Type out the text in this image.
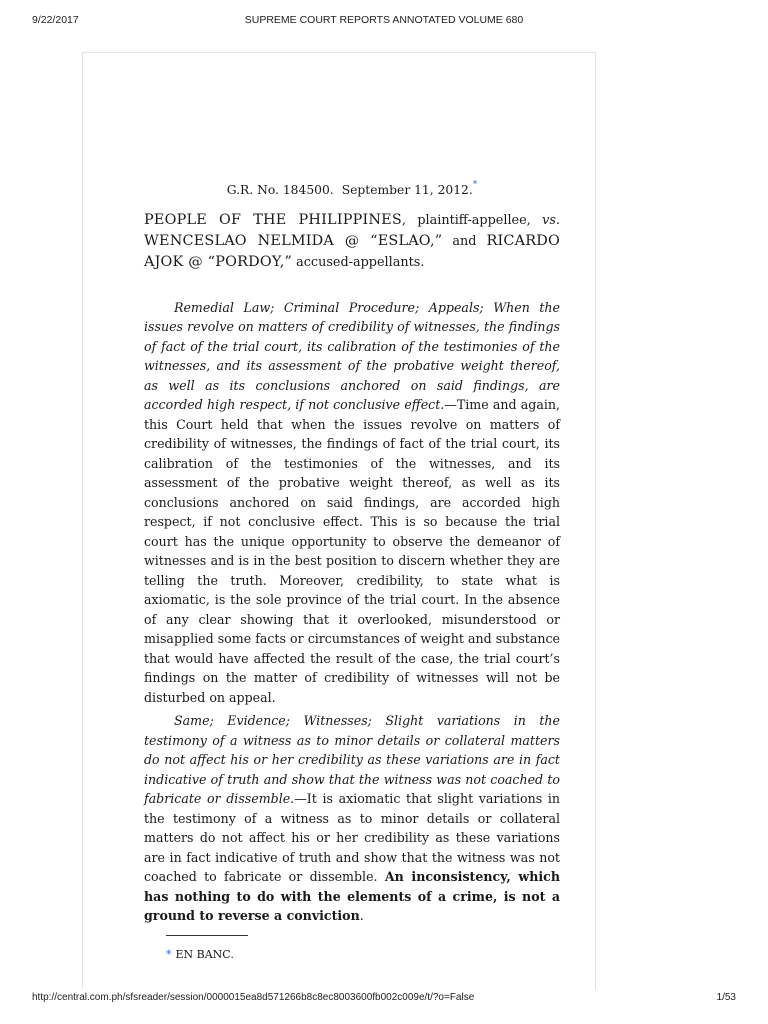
9/22/2017	SUPREME COURT REPORTS ANNOTATED VOLUME 680

G.R. No. 184500. September 11, 2012.*

PEOPLE OF THE PHILIPPINES, plaintiff-appellee, vs. WENCESLAO NELMIDA @ “ESLAO,” and RICARDO AJOK @ “PORDOY,” accused-appellants.

Remedial Law; Criminal Procedure; Appeals; When the issues revolve on matters of credibility of witnesses, the findings of fact of the trial court, its calibration of the testimonies of the witnesses, and its assessment of the probative weight thereof, as well as its conclusions anchored on said findings, are accorded high respect, if not conclusive effect.—Time and again, this Court held that when the issues revolve on matters of credibility of witnesses, the findings of fact of the trial court, its calibration of the testimonies of the witnesses, and its assessment of the probative weight thereof, as well as its conclusions anchored on said findings, are accorded high respect, if not conclusive effect. This is so because the trial court has the unique opportunity to observe the demeanor of witnesses and is in the best position to discern whether they are telling the truth. Moreover, credibility, to state what is axiomatic, is the sole province of the trial court. In the absence of any clear showing that it overlooked, misunderstood or misapplied some facts or circumstances of weight and substance that would have affected the result of the case, the trial court’s findings on the matter of credibility of witnesses will not be disturbed on appeal.

Same; Evidence; Witnesses; Slight variations in the testimony of a witness as to minor details or collateral matters do not affect his or her credibility as these variations are in fact indicative of truth and show that the witness was not coached to fabricate or dissemble.—It is axiomatic that slight variations in the testimony of a witness as to minor details or collateral matters do not affect his or her credibility as these variations are in fact indicative of truth and show that the witness was not coached to fabricate or dissemble. An inconsistency, which has nothing to do with the elements of a crime, is not a ground to reverse a conviction.

* EN BANC.
http://central.com.ph/sfsreader/session/0000015ea8d571266b8c8ec8003600fb002c009e/t/?o=False	1/53
